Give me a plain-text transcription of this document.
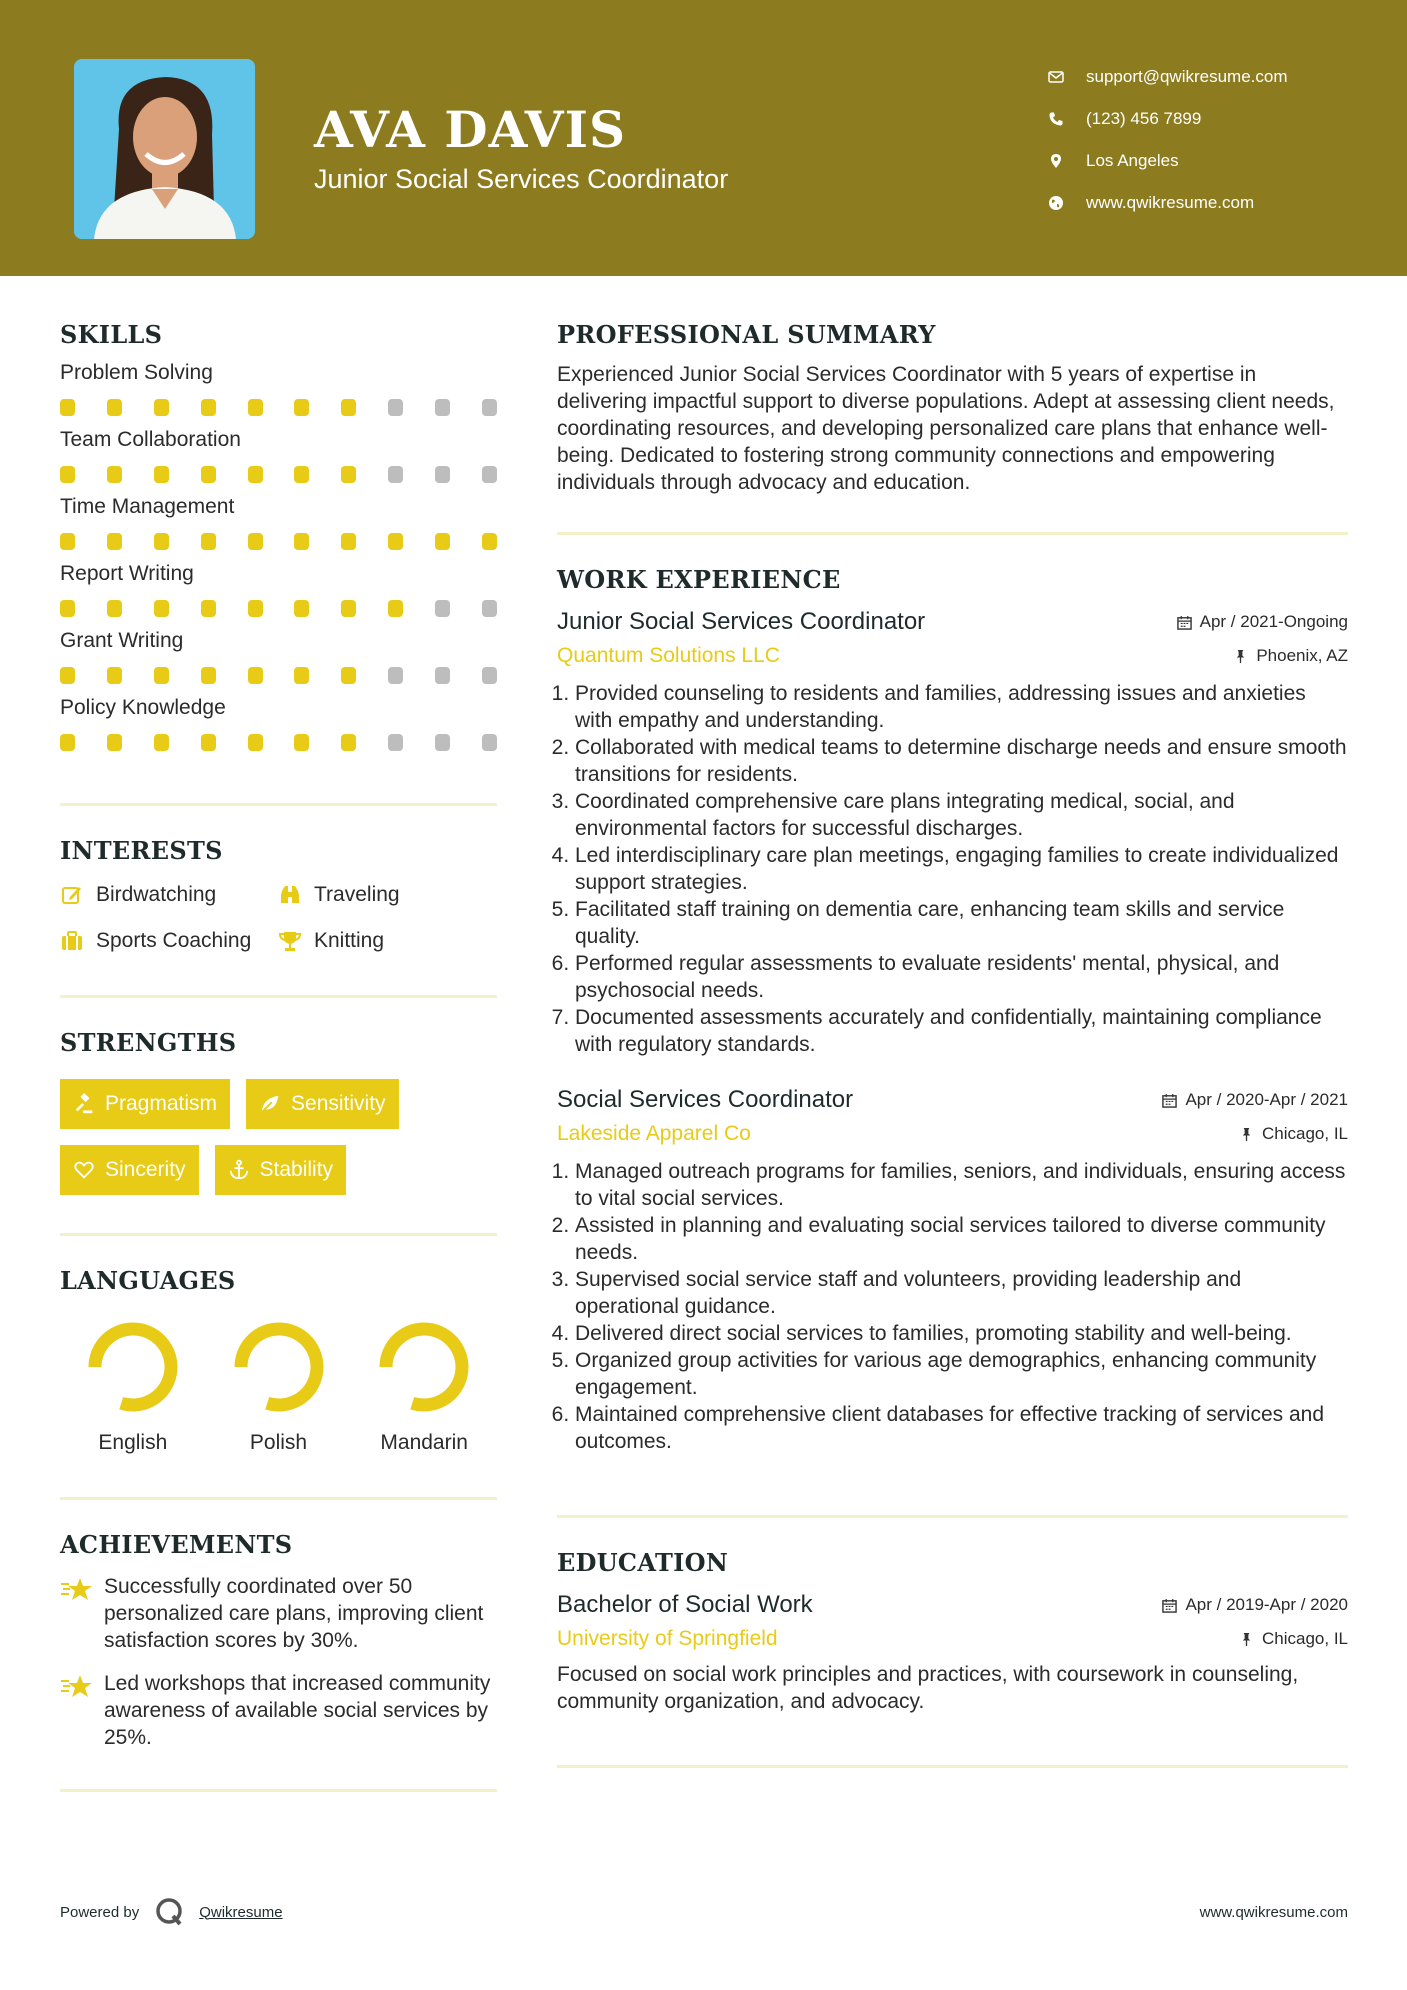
AVA DAVIS
Junior Social Services Coordinator
support@qwikresume.com
(123) 456 7899
Los Angeles
www.qwikresume.com
SKILLS
Problem Solving
Team Collaboration
Time Management
Report Writing
Grant Writing
Policy Knowledge
INTERESTS
Birdwatching	Traveling
Sports Coaching	Knitting
STRENGTHS
Pragmatism	Sensitivity
Sincerity	Stability
LANGUAGES
English	Polish	Mandarin
ACHIEVEMENTS
Successfully coordinated over 50 personalized care plans, improving client satisfaction scores by 30%.
Led workshops that increased community awareness of available social services by 25%.
PROFESSIONAL SUMMARY
Experienced Junior Social Services Coordinator with 5 years of expertise in delivering impactful support to diverse populations. Adept at assessing client needs, coordinating resources, and developing personalized care plans that enhance well-being. Dedicated to fostering strong community connections and empowering individuals through advocacy and education.
WORK EXPERIENCE
Junior Social Services Coordinator	Apr / 2021-Ongoing
Quantum Solutions LLC	Phoenix, AZ
1. Provided counseling to residents and families, addressing issues and anxieties with empathy and understanding.
2. Collaborated with medical teams to determine discharge needs and ensure smooth transitions for residents.
3. Coordinated comprehensive care plans integrating medical, social, and environmental factors for successful discharges.
4. Led interdisciplinary care plan meetings, engaging families to create individualized support strategies.
5. Facilitated staff training on dementia care, enhancing team skills and service quality.
6. Performed regular assessments to evaluate residents' mental, physical, and psychosocial needs.
7. Documented assessments accurately and confidentially, maintaining compliance with regulatory standards.
Social Services Coordinator	Apr / 2020-Apr / 2021
Lakeside Apparel Co	Chicago, IL
1. Managed outreach programs for families, seniors, and individuals, ensuring access to vital social services.
2. Assisted in planning and evaluating social services tailored to diverse community needs.
3. Supervised social service staff and volunteers, providing leadership and operational guidance.
4. Delivered direct social services to families, promoting stability and well-being.
5. Organized group activities for various age demographics, enhancing community engagement.
6. Maintained comprehensive client databases for effective tracking of services and outcomes.
EDUCATION
Bachelor of Social Work	Apr / 2019-Apr / 2020
University of Springfield	Chicago, IL
Focused on social work principles and practices, with coursework in counseling, community organization, and advocacy.
Powered by	Qwikresume	www.qwikresume.com
